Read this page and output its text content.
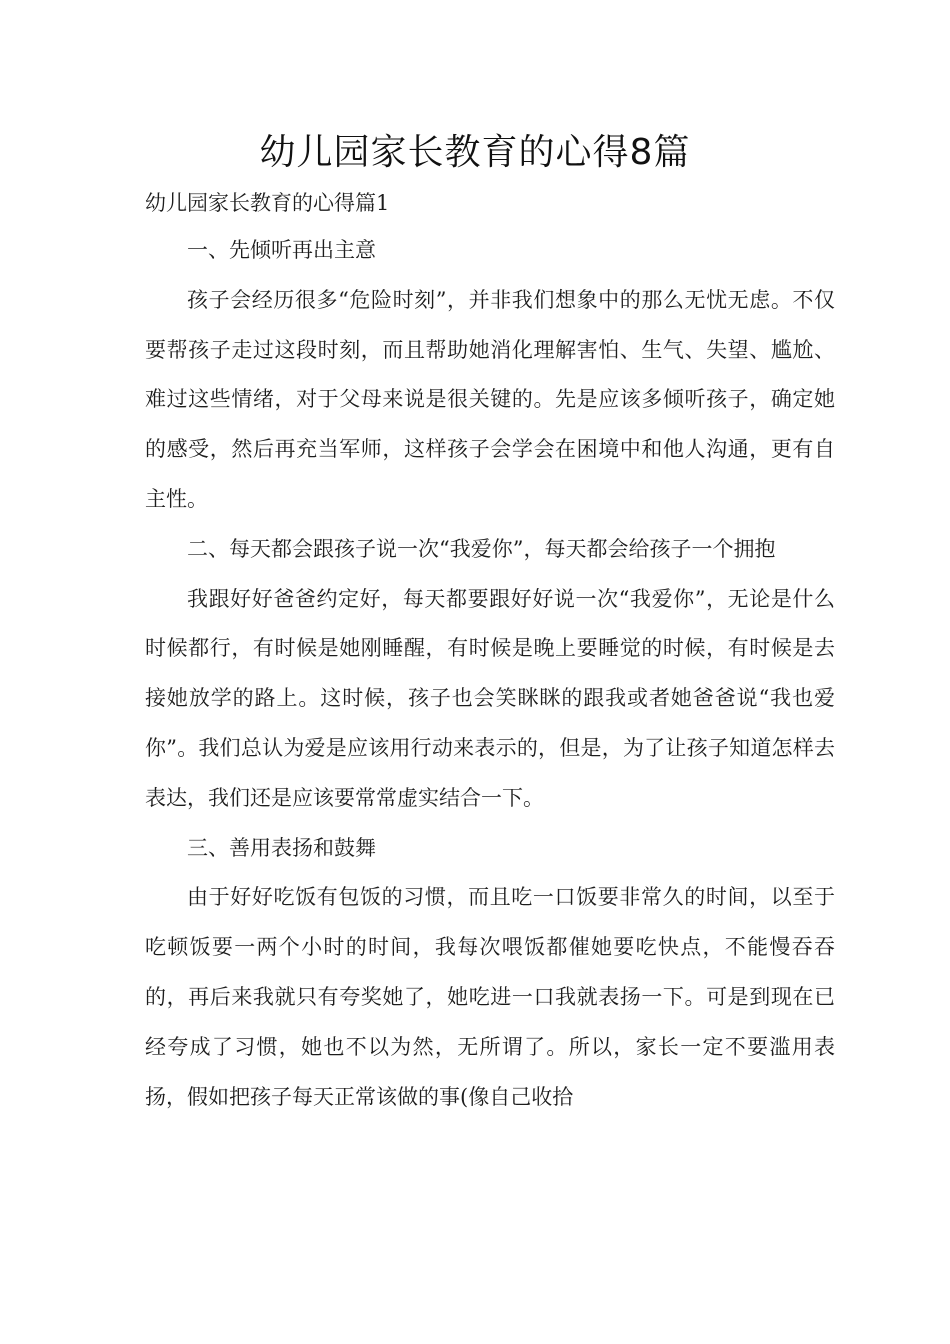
幼儿园家长教育的心得8篇
幼儿园家长教育的心得篇1
一、先倾听再出主意
孩子会经历很多“危险时刻”，并非我们想象中的那么无忧无虑。不仅要帮孩子走过这段时刻，而且帮助她消化理解害怕、生气、失望、尴尬、难过这些情绪，对于父母来说是很关键的。先是应该多倾听孩子，确定她的感受，然后再充当军师，这样孩子会学会在困境中和他人沟通，更有自主性。
二、每天都会跟孩子说一次“我爱你”，每天都会给孩子一个拥抱
我跟好好爸爸约定好，每天都要跟好好说一次“我爱你”，无论是什么时候都行，有时候是她刚睡醒，有时候是晚上要睡觉的时候，有时候是去接她放学的路上。这时候，孩子也会笑眯眯的跟我或者她爸爸说“我也爱你”。我们总认为爱是应该用行动来表示的，但是，为了让孩子知道怎样去表达，我们还是应该要常常虚实结合一下。
三、善用表扬和鼓舞
由于好好吃饭有包饭的习惯，而且吃一口饭要非常久的时间，以至于吃顿饭要一两个小时的时间，我每次喂饭都催她要吃快点，不能慢吞吞的，再后来我就只有夸奖她了，她吃进一口我就表扬一下。可是到现在已经夸成了习惯，她也不以为然，无所谓了。所以，家长一定不要滥用表扬，假如把孩子每天正常该做的事(像自己收拾
